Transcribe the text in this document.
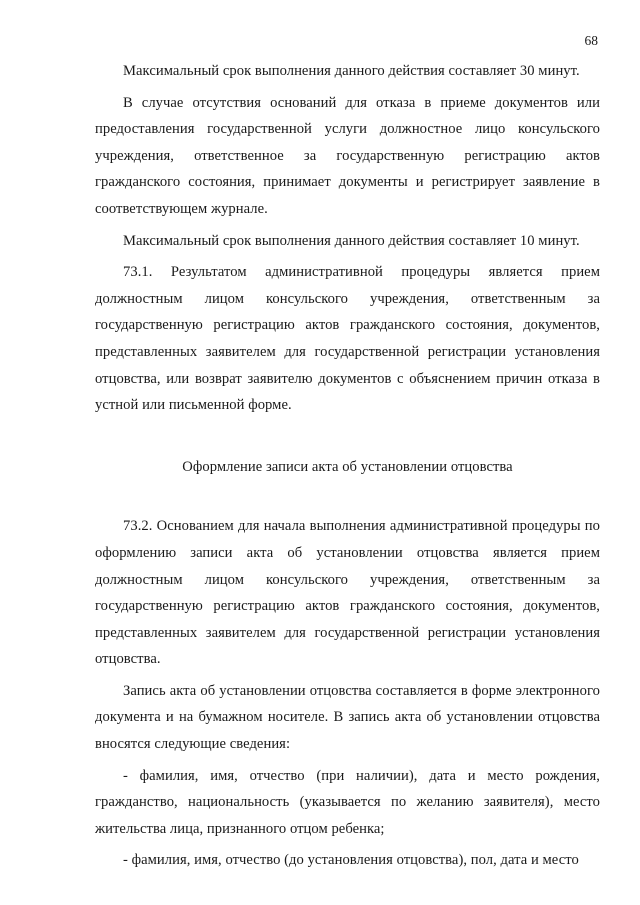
68

Максимальный срок выполнения данного действия составляет 30 минут.

В случае отсутствия оснований для отказа в приеме документов или предоставления государственной услуги должностное лицо консульского учреждения, ответственное за государственную регистрацию актов гражданского состояния, принимает документы и регистрирует заявление в соответствующем журнале.

Максимальный срок выполнения данного действия составляет 10 минут.

73.1. Результатом административной процедуры является прием должностным лицом консульского учреждения, ответственным за государственную регистрацию актов гражданского состояния, документов, представленных заявителем для государственной регистрации установления отцовства, или возврат заявителю документов с объяснением причин отказа в устной или письменной форме.

Оформление записи акта об установлении отцовства

73.2. Основанием для начала выполнения административной процедуры по оформлению записи акта об установлении отцовства является прием должностным лицом консульского учреждения, ответственным за государственную регистрацию актов гражданского состояния, документов, представленных заявителем для государственной регистрации установления отцовства.

Запись акта об установлении отцовства составляется в форме электронного документа и на бумажном носителе. В запись акта об установлении отцовства вносятся следующие сведения:

- фамилия, имя, отчество (при наличии), дата и место рождения, гражданство, национальность (указывается по желанию заявителя), место жительства лица, признанного отцом ребенка;

- фамилия, имя, отчество (до установления отцовства), пол, дата и место
